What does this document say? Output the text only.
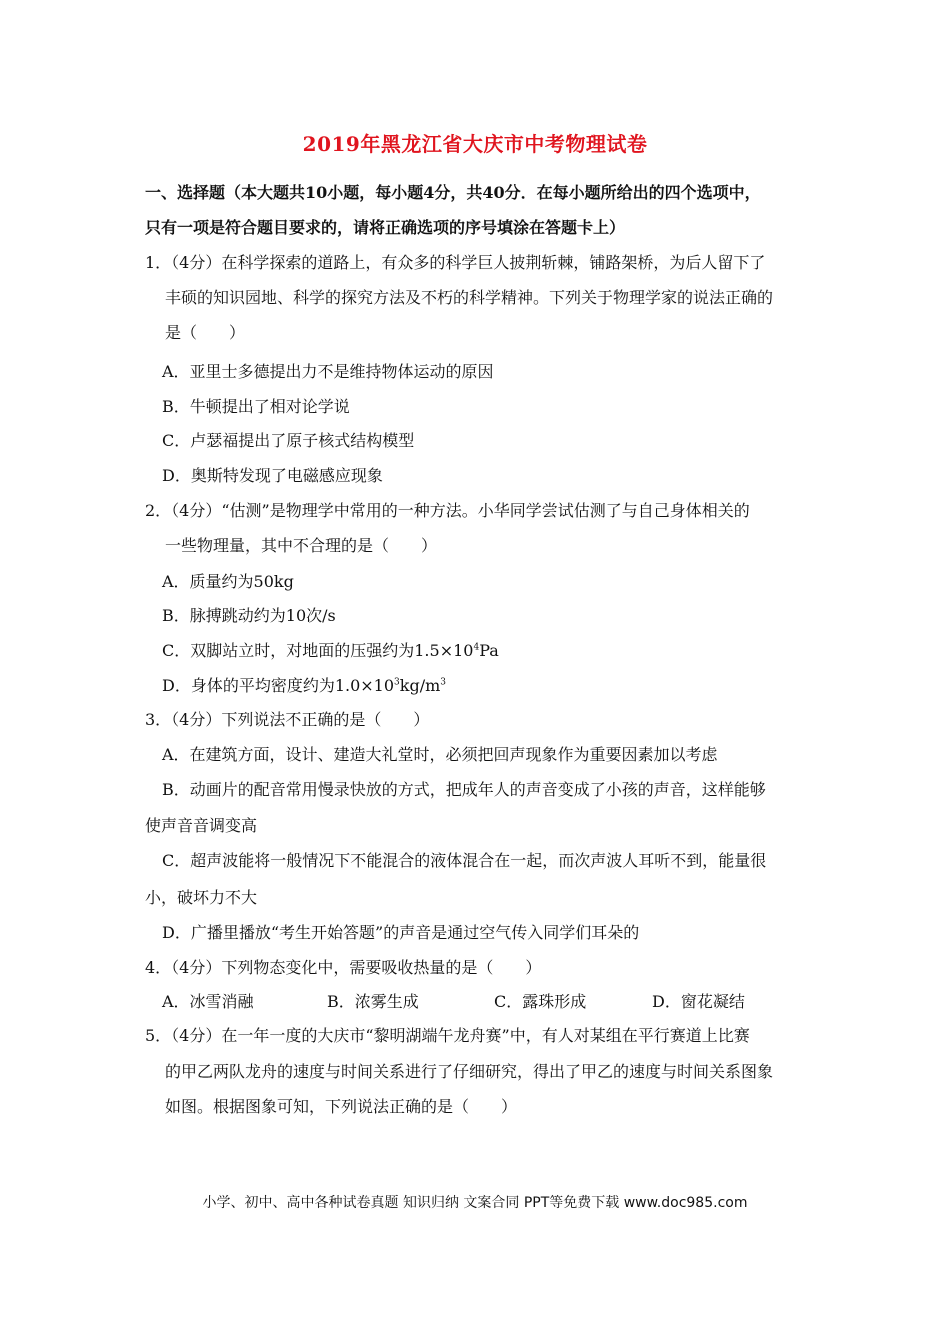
2019年黑龙江省大庆市中考物理试卷
一、选择题（本大题共10小题，每小题4分，共40分．在每小题所给出的四个选项中，
只有一项是符合题目要求的，请将正确选项的序号填涂在答题卡上）
1．（4分）在科学探索的道路上，有众多的科学巨人披荆斩棘，铺路架桥，为后人留下了
丰硕的知识园地、科学的探究方法及不朽的科学精神。下列关于物理学家的说法正确的
是（　　）
A．亚里士多德提出力不是维持物体运动的原因
B．牛顿提出了相对论学说
C．卢瑟福提出了原子核式结构模型
D．奥斯特发现了电磁感应现象
2．（4分）“估测”是物理学中常用的一种方法。小华同学尝试估测了与自己身体相关的
一些物理量，其中不合理的是（　　）
A．质量约为50kg
B．脉搏跳动约为10次/s
C．双脚站立时，对地面的压强约为$1.5\times 10^4Pa$
D．身体的平均密度约为$1.0\times 10^3kg/m^3$
3．（4分）下列说法不正确的是（　　）
A．在建筑方面，设计、建造大礼堂时，必须把回声现象作为重要因素加以考虑
B．动画片的配音常用慢录快放的方式，把成年人的声音变成了小孩的声音，这样能够
使声音音调变高
C．超声波能将一般情况下不能混合的液体混合在一起，而次声波人耳听不到，能量很
小，破坏力不大
D．广播里播放“考生开始答题”的声音是通过空气传入同学们耳朵的
4．（4分）下列物态变化中，需要吸收热量的是（　　）
A．冰雪消融	B．浓雾生成	C．露珠形成	D．窗花凝结
5．（4分）在一年一度的大庆市“黎明湖端午龙舟赛”中，有人对某组在平行赛道上比赛
的甲乙两队龙舟的速度与时间关系进行了仔细研究，得出了甲乙的速度与时间关系图象
如图。根据图象可知，下列说法正确的是（　　）
小学、初中、高中各种试卷真题 知识归纳 文案合同 PPT等免费下载 www.doc985.com
